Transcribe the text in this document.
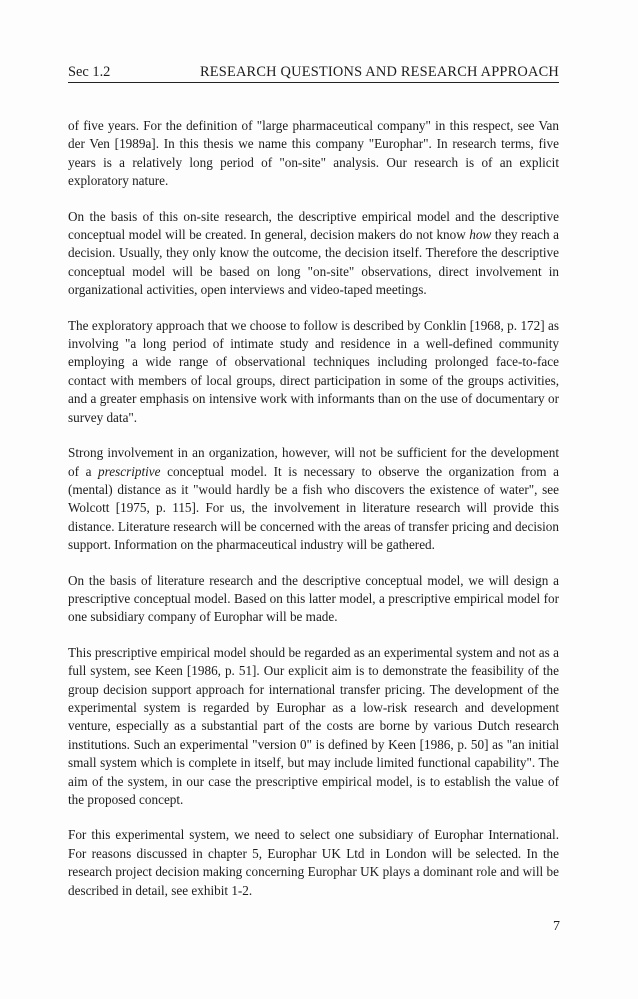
Sec 1.2	RESEARCH QUESTIONS AND RESEARCH APPROACH

of five years. For the definition of "large pharmaceutical company" in this respect, see Van der Ven [1989a]. In this thesis we name this company "Europhar". In research terms, five years is a relatively long period of "on-site" analysis. Our research is of an explicit exploratory nature.

On the basis of this on-site research, the descriptive empirical model and the descriptive conceptual model will be created. In general, decision makers do not know how they reach a decision. Usually, they only know the outcome, the decision itself. Therefore the descriptive conceptual model will be based on long "on-site" observations, direct involvement in organizational activities, open interviews and video-taped meetings.

The exploratory approach that we choose to follow is described by Conklin [1968, p. 172] as involving "a long period of intimate study and residence in a well-defined community employing a wide range of observational techniques including prolonged face-to-face contact with members of local groups, direct participation in some of the groups activities, and a greater emphasis on intensive work with informants than on the use of documentary or survey data".

Strong involvement in an organization, however, will not be sufficient for the development of a prescriptive conceptual model. It is necessary to observe the organization from a (mental) distance as it "would hardly be a fish who discovers the existence of water", see Wolcott [1975, p. 115]. For us, the involvement in literature research will provide this distance. Literature research will be concerned with the areas of transfer pricing and decision support. Information on the pharmaceutical industry will be gathered.

On the basis of literature research and the descriptive conceptual model, we will design a prescriptive conceptual model. Based on this latter model, a prescriptive empirical model for one subsidiary company of Europhar will be made.

This prescriptive empirical model should be regarded as an experimental system and not as a full system, see Keen [1986, p. 51]. Our explicit aim is to demonstrate the feasibility of the group decision support approach for international transfer pricing. The development of the experimental system is regarded by Europhar as a low-risk research and development venture, especially as a substantial part of the costs are borne by various Dutch research institutions. Such an experimental "version 0" is defined by Keen [1986, p. 50] as "an initial small system which is complete in itself, but may include limited functional capability". The aim of the system, in our case the prescriptive empirical model, is to establish the value of the proposed concept.

For this experimental system, we need to select one subsidiary of Europhar International. For reasons discussed in chapter 5, Europhar UK Ltd in London will be selected. In the research project decision making concerning Europhar UK plays a dominant role and will be described in detail, see exhibit 1-2.

7
